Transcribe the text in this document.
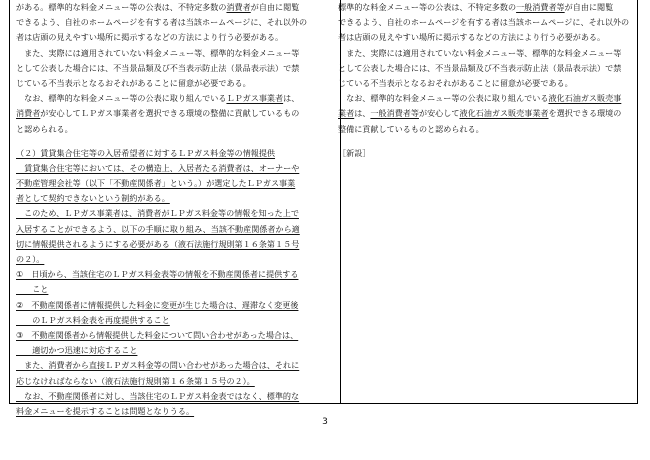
がある。標準的な料金メニュー等の公表は、不特定多数の消費者が自由に閲覧
できるよう、自社のホームページを有する者は当該ホームページに、それ以外の
者は店頭の見えやすい場所に掲示するなどの方法により行う必要がある。
　また、実際には適用されていない料金メニュー等、標準的な料金メニュー等
として公表した場合には、不当景品類及び不当表示防止法（景品表示法）で禁
じている不当表示となるおそれがあることに留意が必要である。
　なお、標準的な料金メニュー等の公表に取り組んでいるＬＰガス事業者は、
消費者が安心してＬＰガス事業者を選択できる環境の整備に貢献しているもの
と認められる。
（２）賃貸集合住宅等の入居希望者に対するＬＰガス料金等の情報提供
　賃貸集合住宅等においては、その構造上、入居者たる消費者は、オーナーや
不動産管理会社等（以下「不動産関係者」という。）が選定したＬＰガス事業
者として契約できないという制約がある。
　このため、ＬＰガス事業者は、消費者がＬＰガス料金等の情報を知った上で
入居することができるよう、以下の手順に取り組み、当該不動産関係者から適
切に情報提供されるようにする必要がある（液石法施行規則第１６条第１５号
の２）。
①　日頃から、当該住宅のＬＰガス料金表等の情報を不動産関係者に提供する
　　こと
②　不動産関係者に情報提供した料金に変更が生じた場合は、遅滞なく変更後
　　のＬＰガス料金表を再度提供すること
③　不動産関係者から情報提供した料金について問い合わせがあった場合は、
　　適切かつ迅速に対応すること
　また、消費者から直接ＬＰガス料金等の問い合わせがあった場合は、それに
応じなければならない（液石法施行規則第１６条第１５号の２）。
　なお、不動産関係者に対し、当該住宅のＬＰガス料金表ではなく、標準的な
料金メニューを提示することは問題となりうる。
標準的な料金メニュー等の公表は、不特定多数の一般消費者等が自由に閲覧
できるよう、自社のホームページを有する者は当該ホームページに、それ以外の
者は店頭の見えやすい場所に掲示するなどの方法により行う必要がある。
　また、実際には適用されていない料金メニュー等、標準的な料金メニュー等
として公表した場合には、不当景品類及び不当表示防止法（景品表示法）で禁
じている不当表示となるおそれがあることに留意が必要である。
　なお、標準的な料金メニュー等の公表に取り組んでいる液化石油ガス販売事
業者は、一般消費者等が安心して液化石油ガス販売事業者を選択できる環境の
整備に貢献しているものと認められる。
［新設］
3
